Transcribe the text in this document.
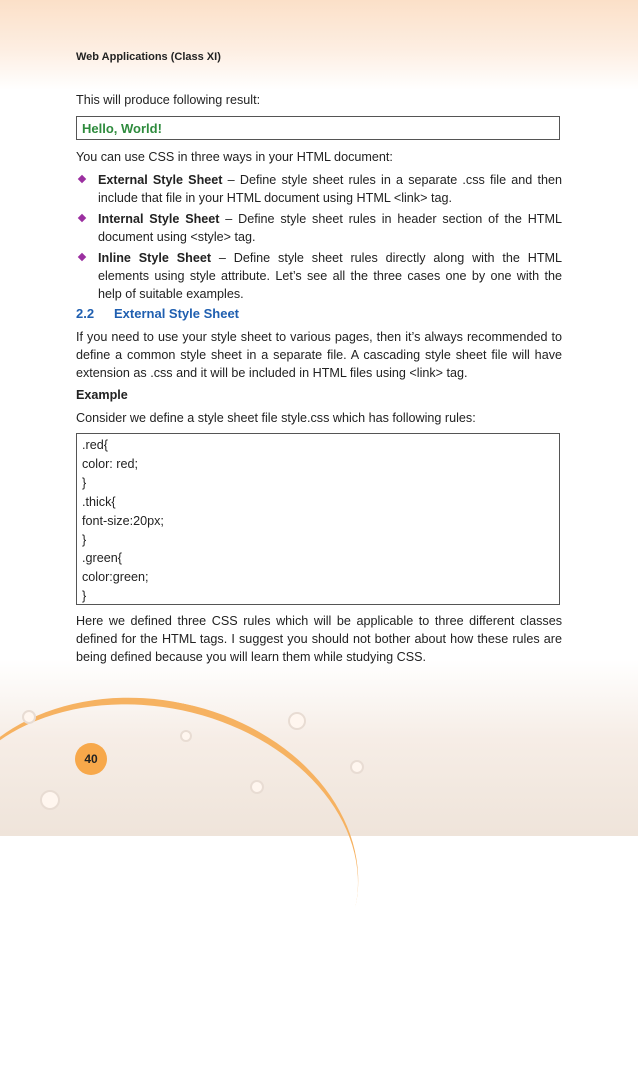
Web Applications (Class XI)
This will produce following result:
Hello, World!
You can use CSS in three ways in your HTML document:
External Style Sheet – Define style sheet rules in a separate .css file and then include that file in your HTML document using HTML <link> tag.
Internal Style Sheet – Define style sheet rules in header section of the HTML document using <style> tag.
Inline Style Sheet – Define style sheet rules directly along with the HTML elements using style attribute. Let’s see all the three cases one by one with the help of suitable examples.
2.2 External Style Sheet

If you need to use your style sheet to various pages, then it’s always recommended to define a common style sheet in a separate file. A cascading style sheet file will have extension as .css and it will be included in HTML files using <link> tag.

Example
Consider we define a style sheet file style.css which has following rules:
.red{
color: red;
}
.thick{
font-size:20px;
}
.green{
color:green;
}

Here we defined three CSS rules which will be applicable to three different classes defined for the HTML tags. I suggest you should not bother about how these rules are being defined because you will learn them while studying CSS.

40
